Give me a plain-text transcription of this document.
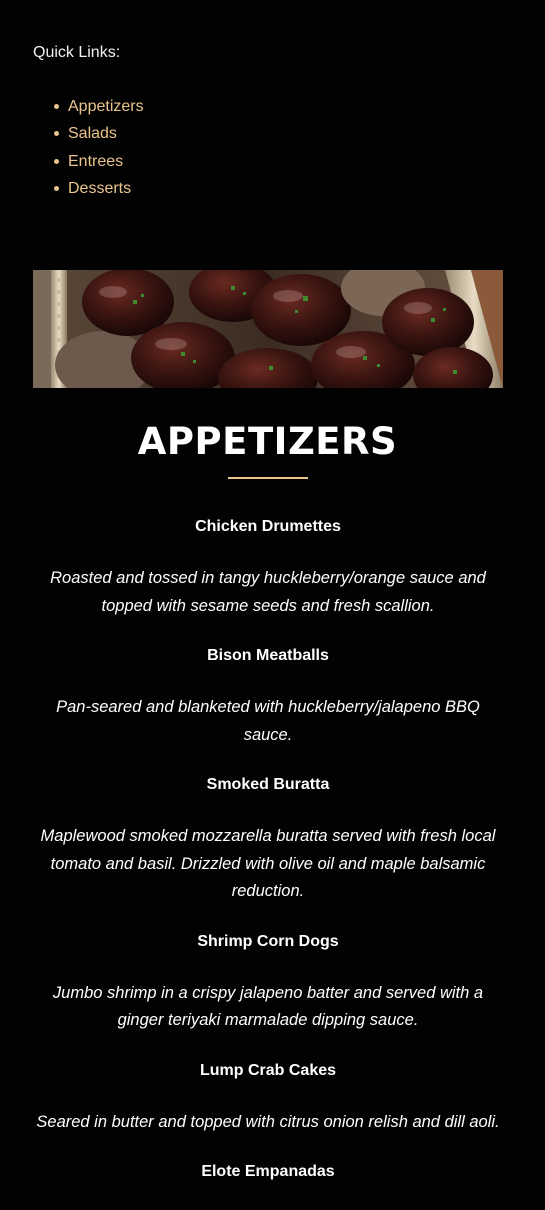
Quick Links:

Appetizers
Salads
Entrees
Desserts
APPETIZERS

Chicken Drumettes

Roasted and tossed in tangy huckleberry/orange sauce and topped with sesame seeds and fresh scallion.

Bison Meatballs

Pan-seared and blanketed with huckleberry/jalapeno BBQ sauce.

Smoked Buratta

Maplewood smoked mozzarella buratta served with fresh local tomato and basil. Drizzled with olive oil and maple balsamic reduction.

Shrimp Corn Dogs

Jumbo shrimp in a crispy jalapeno batter and served with a ginger teriyaki marmalade dipping sauce.

Lump Crab Cakes

Seared in butter and topped with citrus onion relish and dill aoli.

Elote Empanadas
